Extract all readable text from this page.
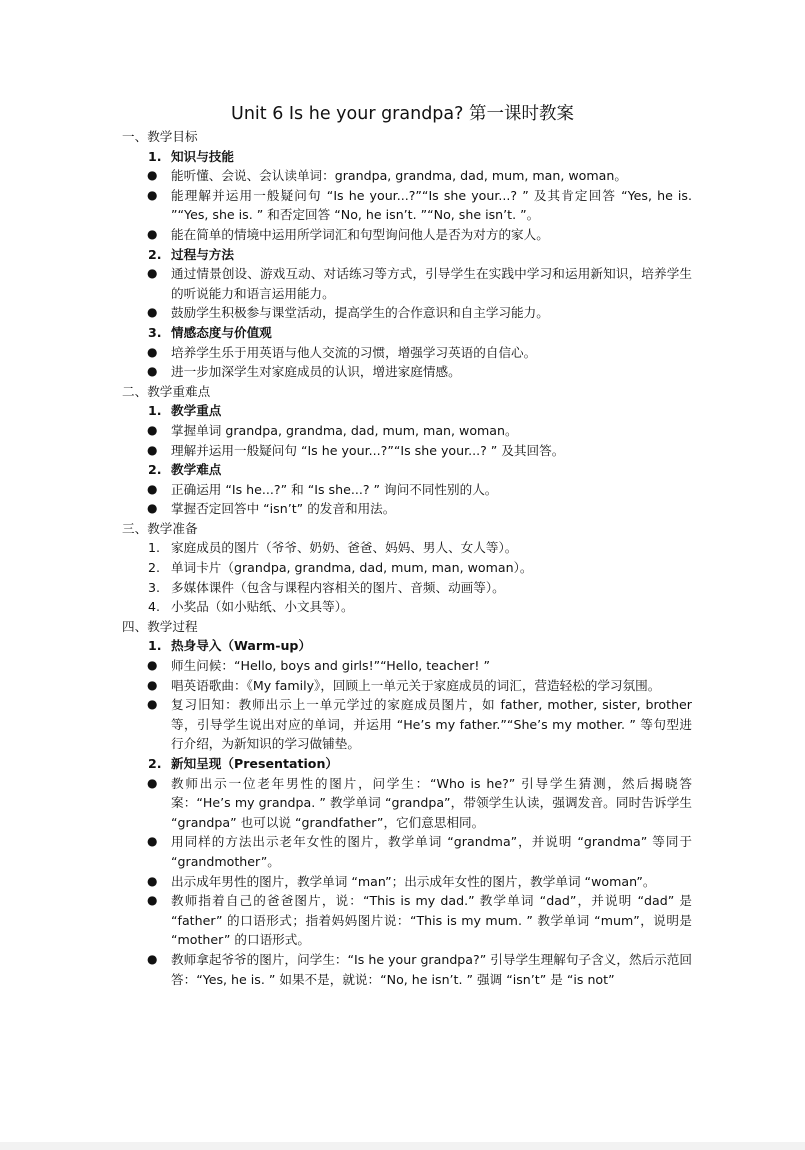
Unit 6 Is he your grandpa? 第一课时教案
一、教学目标
1. 知识与技能
● 能听懂、会说、会认读单词：grandpa, grandma, dad, mum, man, woman。
● 能理解并运用一般疑问句 “Is he your...?”“Is she your...? ” 及其肯定回答 “Yes, he is. ”“Yes, she is. ” 和否定回答 “No, he isn’t. ”“No, she isn’t. ”。
● 能在简单的情境中运用所学词汇和句型询问他人是否为对方的家人。
2. 过程与方法
● 通过情景创设、游戏互动、对话练习等方式，引导学生在实践中学习和运用新知识，培养学生的听说能力和语言运用能力。
● 鼓励学生积极参与课堂活动，提高学生的合作意识和自主学习能力。
3. 情感态度与价值观
● 培养学生乐于用英语与他人交流的习惯，增强学习英语的自信心。
● 进一步加深学生对家庭成员的认识，增进家庭情感。
二、教学重难点
1. 教学重点
● 掌握单词 grandpa, grandma, dad, mum, man, woman。
● 理解并运用一般疑问句 “Is he your...?”“Is she your...? ” 及其回答。
2. 教学难点
● 正确运用 “Is he...?” 和 “Is she...? ” 询问不同性别的人。
● 掌握否定回答中 “isn’t” 的发音和用法。
三、教学准备
1. 家庭成员的图片（爷爷、奶奶、爸爸、妈妈、男人、女人等）。
2. 单词卡片（grandpa, grandma, dad, mum, man, woman）。
3. 多媒体课件（包含与课程内容相关的图片、音频、动画等）。
4. 小奖品（如小贴纸、小文具等）。
四、教学过程
1. 热身导入（Warm-up）
● 师生问候：“Hello, boys and girls!”“Hello, teacher! ”
● 唱英语歌曲：《My family》，回顾上一单元关于家庭成员的词汇，营造轻松的学习氛围。
● 复习旧知：教师出示上一单元学过的家庭成员图片，如 father, mother, sister, brother 等，引导学生说出对应的单词，并运用 “He’s my father.”“She’s my mother. ” 等句型进行介绍，为新知识的学习做铺垫。
2. 新知呈现（Presentation）
● 教师出示一位老年男性的图片，问学生：“Who is he?” 引导学生猜测，然后揭晓答案：“He’s my grandpa. ” 教学单词 “grandpa”，带领学生认读，强调发音。同时告诉学生 “grandpa” 也可以说 “grandfather”，它们意思相同。
● 用同样的方法出示老年女性的图片，教学单词 “grandma”，并说明 “grandma” 等同于 “grandmother”。
● 出示成年男性的图片，教学单词 “man”；出示成年女性的图片，教学单词 “woman”。
● 教师指着自己的爸爸图片，说：“This is my dad.” 教学单词 “dad”，并说明 “dad” 是 “father” 的口语形式；指着妈妈图片说：“This is my mum. ” 教学单词 “mum”，说明是 “mother” 的口语形式。
● 教师拿起爷爷的图片，问学生：“Is he your grandpa?” 引导学生理解句子含义，然后示范回答：“Yes, he is. ” 如果不是，就说：“No, he isn’t. ” 强调 “isn’t” 是 “is not”
